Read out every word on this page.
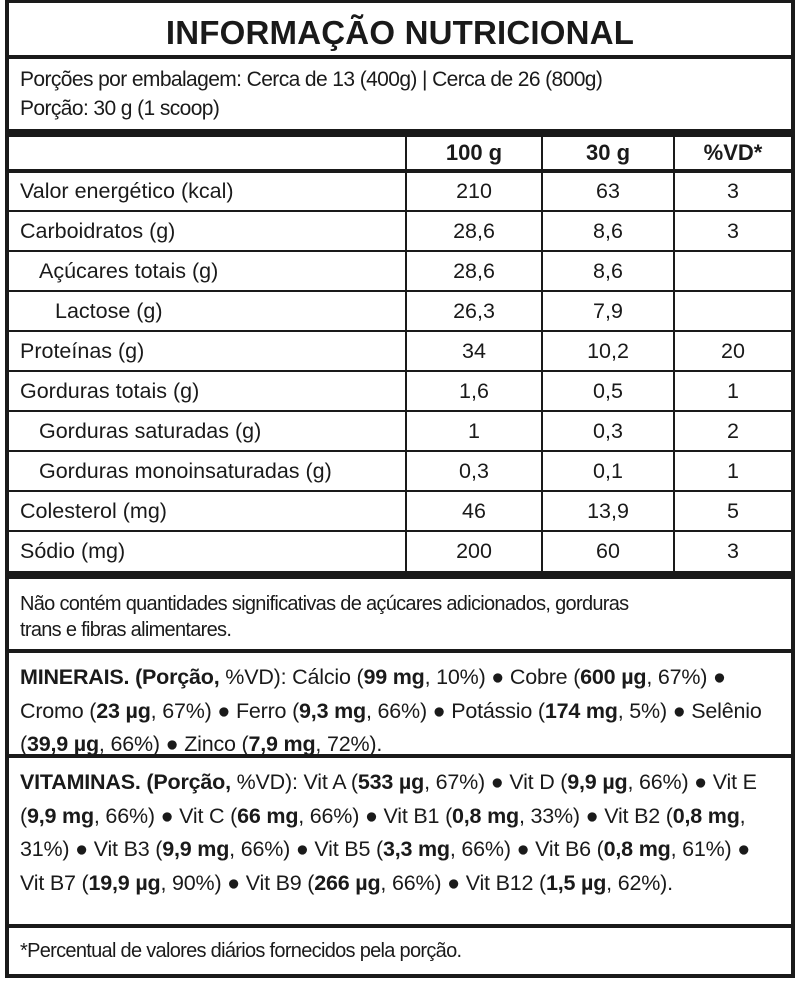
INFORMAÇÃO NUTRICIONAL
Porções por embalagem: Cerca de 13 (400g) | Cerca de 26 (800g)
Porção: 30 g (1 scoop)
	100 g	30 g	%VD*
Valor energético (kcal)	210	63	3
Carboidratos (g)	28,6	8,6	3
Açúcares totais (g)	28,6	8,6	
Lactose (g)	26,3	7,9	
Proteínas (g)	34	10,2	20
Gorduras totais (g)	1,6	0,5	1
Gorduras saturadas (g)	1	0,3	2
Gorduras monoinsaturadas (g)	0,3	0,1	1
Colesterol (mg)	46	13,9	5
Sódio (mg)	200	60	3
Não contém quantidades significativas de açúcares adicionados, gorduras
trans e fibras alimentares.
MINERAIS. (Porção, %VD): Cálcio (99 mg, 10%) ● Cobre (600 µg, 67%) ● Cromo (23 µg, 67%) ● Ferro (9,3 mg, 66%) ● Potássio (174 mg, 5%) ● Selênio (39,9 µg, 66%) ● Zinco (7,9 mg, 72%).
VITAMINAS. (Porção, %VD): Vit A (533 µg, 67%) ● Vit D (9,9 µg, 66%) ● Vit E (9,9 mg, 66%) ● Vit C (66 mg, 66%) ● Vit B1 (0,8 mg, 33%) ● Vit B2 (0,8 mg, 31%) ● Vit B3 (9,9 mg, 66%) ● Vit B5 (3,3 mg, 66%) ● Vit B6 (0,8 mg, 61%) ● Vit B7 (19,9 µg, 90%) ● Vit B9 (266 µg, 66%) ● Vit B12 (1,5 µg, 62%).
*Percentual de valores diários fornecidos pela porção.
